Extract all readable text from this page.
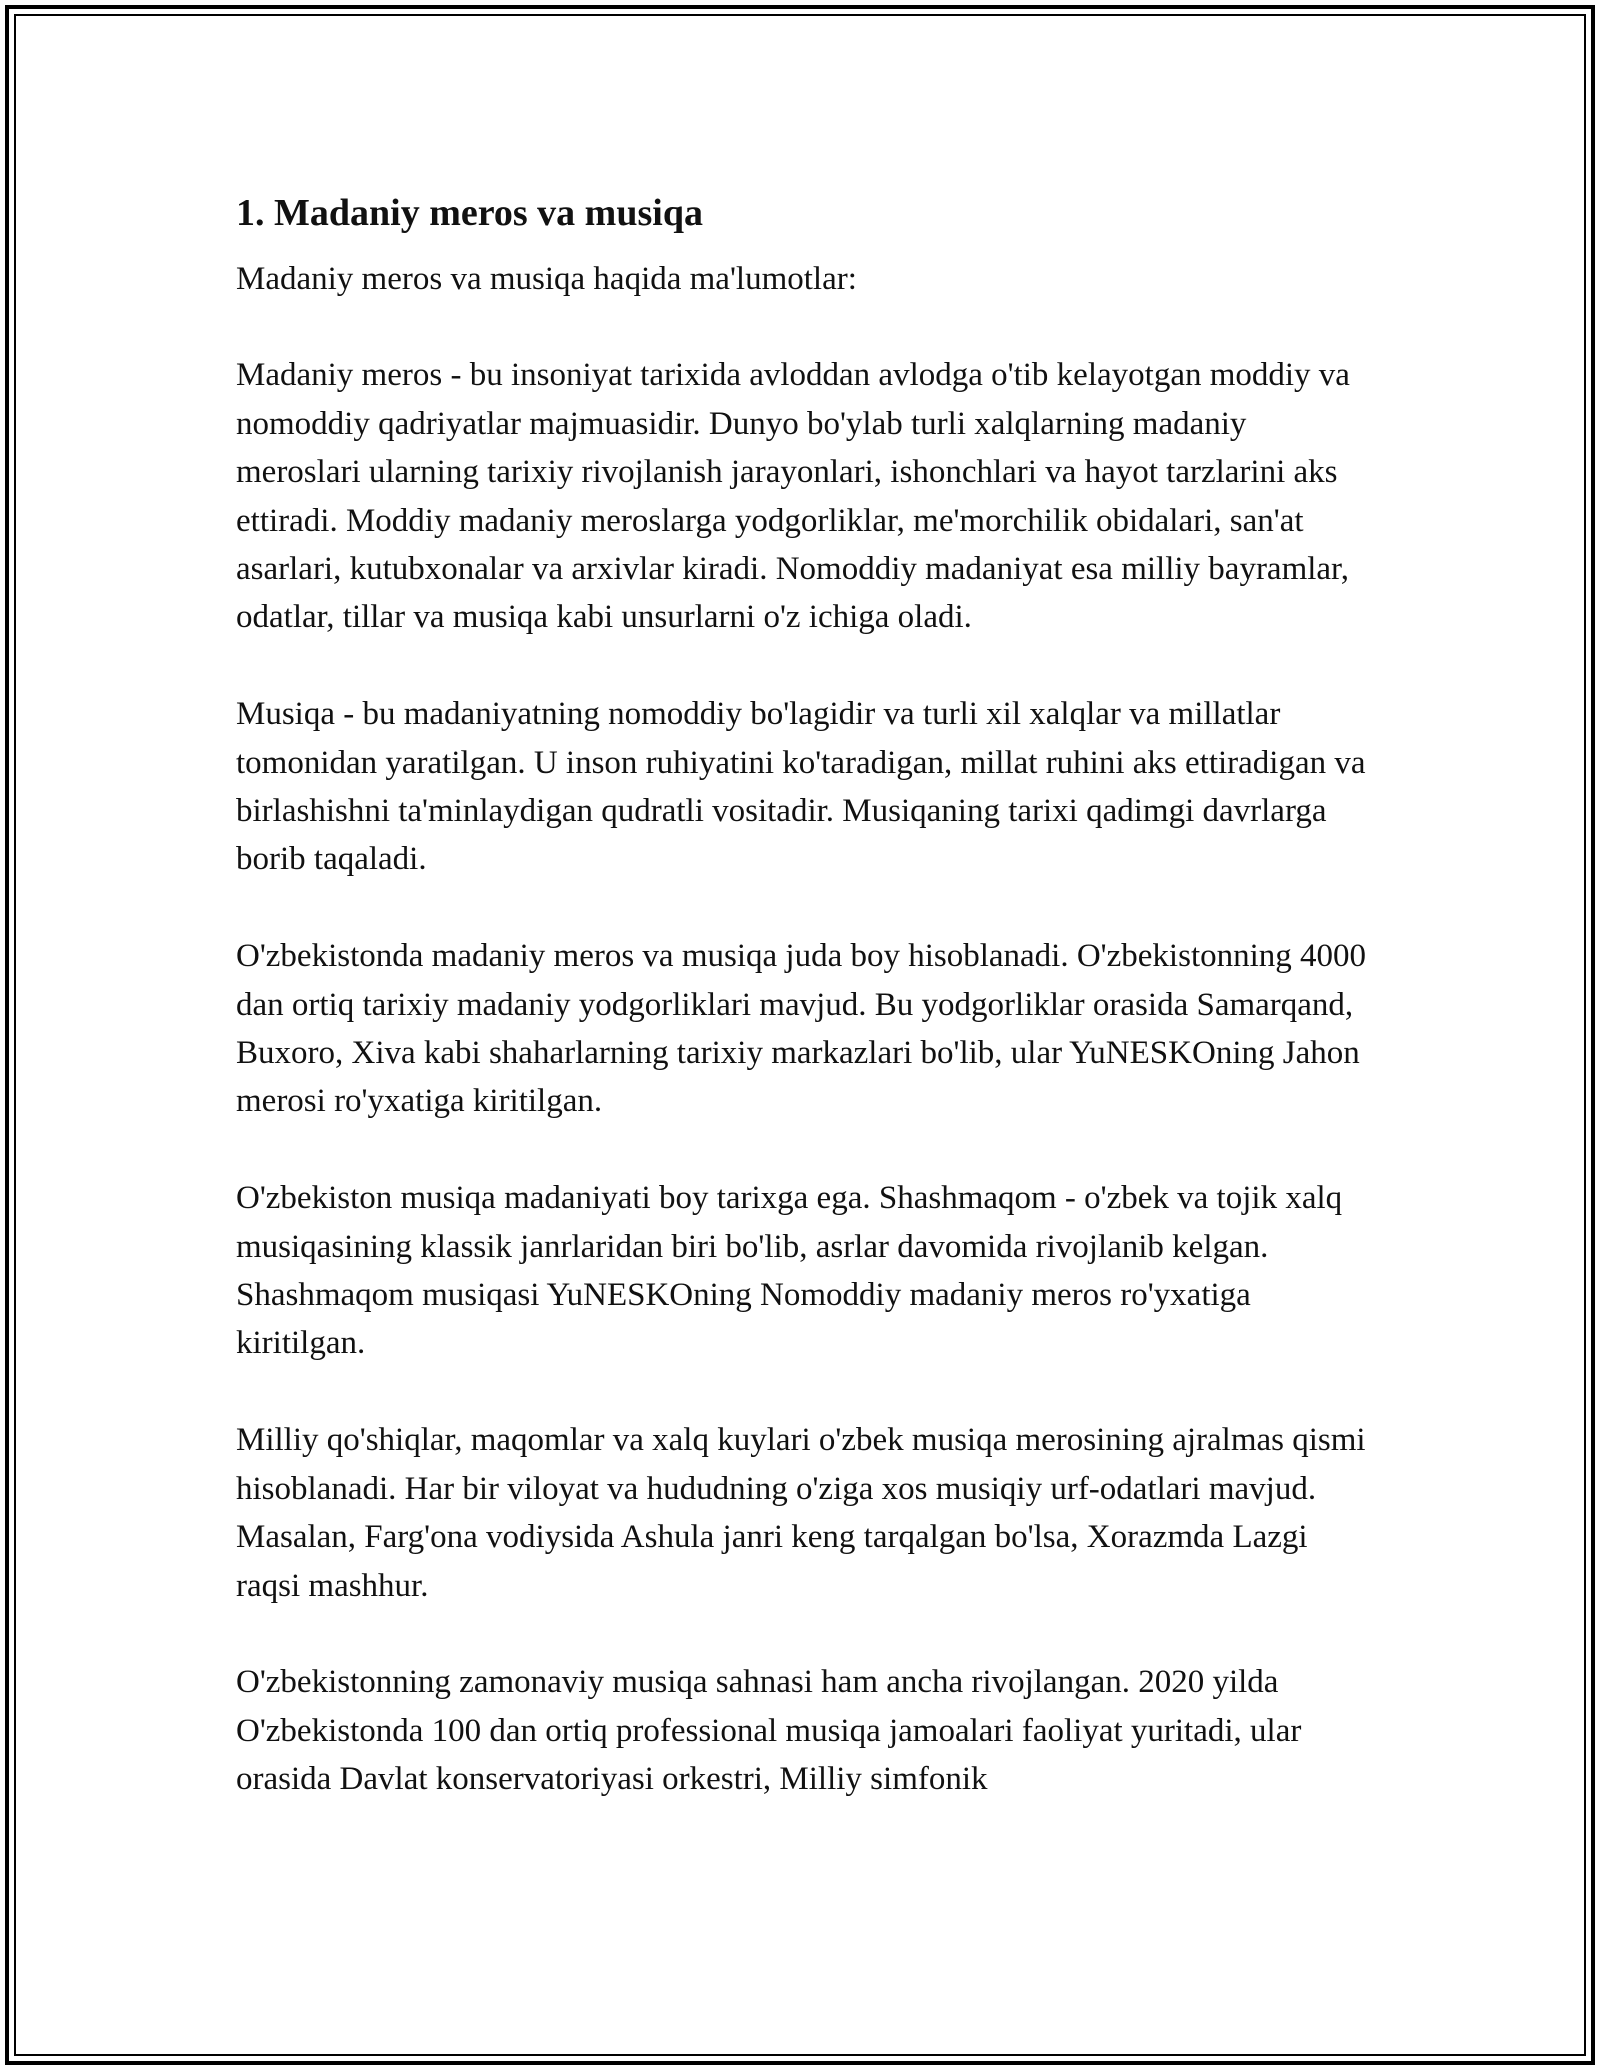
1. Madaniy meros va musiqa

Madaniy meros va musiqa haqida ma'lumotlar:

Madaniy meros - bu insoniyat tarixida avloddan avlodga o'tib kelayotgan moddiy va nomoddiy qadriyatlar majmuasidir. Dunyo bo'ylab turli xalqlarning madaniy meroslari ularning tarixiy rivojlanish jarayonlari, ishonchlari va hayot tarzlarini aks ettiradi. Moddiy madaniy meroslarga yodgorliklar, me'morchilik obidalari, san'at asarlari, kutubxonalar va arxivlar kiradi. Nomoddiy madaniyat esa milliy bayramlar, odatlar, tillar va musiqa kabi unsurlarni o'z ichiga oladi.

Musiqa - bu madaniyatning nomoddiy bo'lagidir va turli xil xalqlar va millatlar tomonidan yaratilgan. U inson ruhiyatini ko'taradigan, millat ruhini aks ettiradigan va birlashishni ta'minlaydigan qudratli vositadir. Musiqaning tarixi qadimgi davrlarga borib taqaladi.

O'zbekistonda madaniy meros va musiqa juda boy hisoblanadi. O'zbekistonning 4000 dan ortiq tarixiy madaniy yodgorliklari mavjud. Bu yodgorliklar orasida Samarqand, Buxoro, Xiva kabi shaharlarning tarixiy markazlari bo'lib, ular YuNESKOning Jahon merosi ro'yxatiga kiritilgan.

O'zbekiston musiqa madaniyati boy tarixga ega. Shashmaqom - o'zbek va tojik xalq musiqasining klassik janrlaridan biri bo'lib, asrlar davomida rivojlanib kelgan. Shashmaqom musiqasi YuNESKOning Nomoddiy madaniy meros ro'yxatiga kiritilgan.

Milliy qo'shiqlar, maqomlar va xalq kuylari o'zbek musiqa merosining ajralmas qismi hisoblanadi. Har bir viloyat va hududning o'ziga xos musiqiy urf-odatlari mavjud. Masalan, Farg'ona vodiysida Ashula janri keng tarqalgan bo'lsa, Xorazmda Lazgi raqsi mashhur.

O'zbekistonning zamonaviy musiqa sahnasi ham ancha rivojlangan. 2020 yilda O'zbekistonda 100 dan ortiq professional musiqa jamoalari faoliyat yuritadi, ular orasida Davlat konservatoriyasi orkestri, Milliy simfonik
